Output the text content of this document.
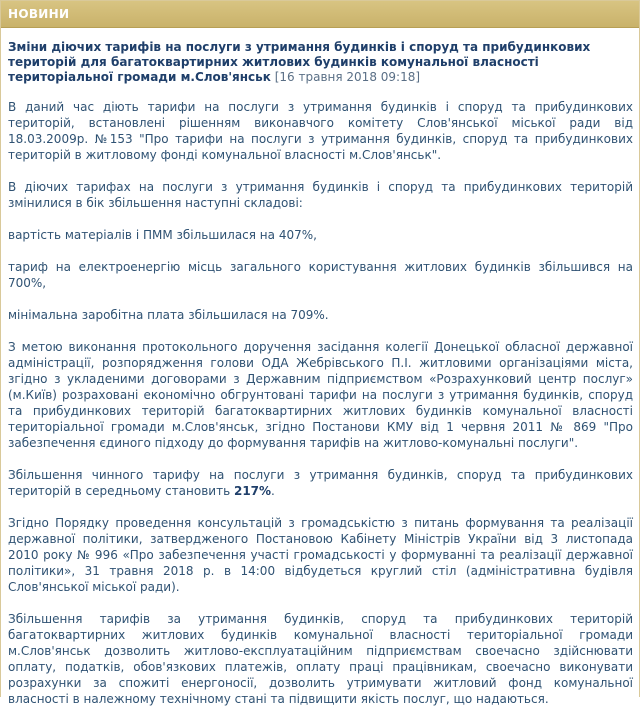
НОВИНИ
Зміни діючих тарифів на послуги з утримання будинків і споруд та прибудинкових територій для багатоквартирних житлових будинків комунальної власності територіальної громади м.Слов'янськ [16 травня 2018 09:18]

В даний час діють тарифи на послуги з утримання будинків і споруд та прибудинкових територій, встановлені рішенням виконавчого комітету Слов'янської міської ради від 18.03.2009р. №153 "Про тарифи на послуги з утримання будинків, споруд та прибудинкових територій в житловому фонді комунальної власності м.Слов'янськ".

В діючих тарифах на послуги з утримання будинків і споруд та прибудинкових територій змінилися в бік збільшення наступні складові:

вартість матеріалів і ПММ збільшилася на 407%,

тариф на електроенергію місць загального користування житлових будинків збільшився на 700%,

мінімальна заробітна плата збільшилася на 709%.

З метою виконання протокольного доручення засідання колегії Донецької обласної державної адміністрації, розпорядження голови ОДА Жебрівського П.І. житловими організаціями міста, згідно з укладеними договорами з Державним підприємством «Розрахунковий центр послуг» (м.Київ) розраховані економічно обгрунтовані тарифи на послуги з утримання будинків, споруд та прибудинкових територій багатоквартирних житлових будинків комунальної власності територіальної громади м.Слов'янськ, згідно Постанови КМУ від 1 червня 2011 № 869 "Про забезпечення єдиного підходу до формування тарифів на житлово-комунальні послуги".

Збільшення чинного тарифу на послуги з утримання будинків, споруд та прибудинкових територій в середньому становить 217%.

Згідно Порядку проведення консультацій з громадськістю з питань формування та реалізації державної політики, затвердженого Постановою Кабінету Міністрів України від 3 листопада 2010 року № 996 «Про забезпечення участі громадськості у формуванні та реалізації державної політики», 31 травня 2018 р. в 14:00 відбудеться круглий стіл (адміністративна будівля Слов'янської міської ради).

Збільшення тарифів за утримання будинків, споруд та прибудинкових територій багатоквартирних житлових будинків комунальної власності територіальної громади м.Слов'янськ дозволить житлово-експлуатаційним підприємствам своечасно здійснювати оплату, податків, обов'язкових платежів, оплату праці працівникам, своечасно виконувати розрахунки за спожиті енергоносії, дозволить утримувати житловий фонд комунальної власності в належному технічному стані та підвищити якість послуг, що надаються.
